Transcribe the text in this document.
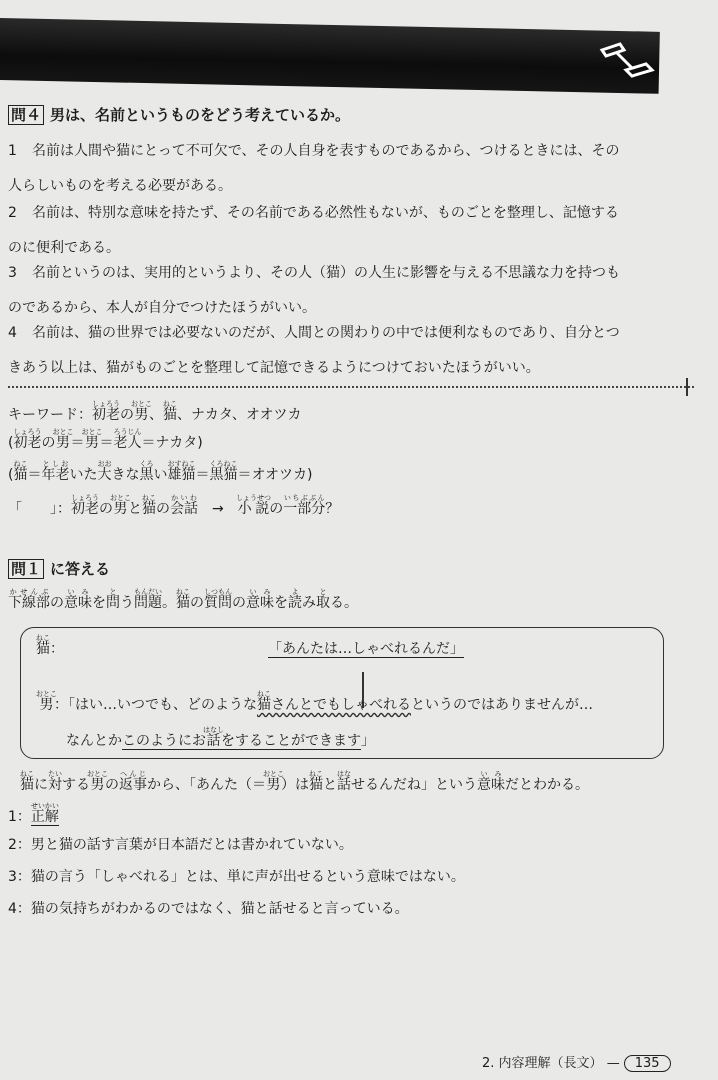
問４ 男は、名前というものをどう考えているか。
1 名前は人間や猫にとって不可欠で、その人自身を表すものであるから、つけるときには、その
人らしいものを考える必要がある。
2 名前は、特別な意味を持たず、その名前である必然性もないが、ものごとを整理し、記憶する
のに便利である。
3 名前というのは、実用的というより、その人（猫）の人生に影響を与える不思議な力を持つも
のであるから、本人が自分でつけたほうがいい。
4 名前は、猫の世界では必要ないのだが、人間との関わりの中では便利なものであり、自分とつ
きあう以上は、猫がものごとを整理して記憶できるようにつけておいたほうがいい。
キーワード：初老しょろうの男おとこ、猫ねこ、ナカタ、オオツカ
(初老しょろうの男おとこ＝男おとこ＝老人ろうじん＝ナカタ)
(猫ねこ＝年老としおいた大おおきな黒くろい雄猫おすねこ＝黒猫くろねこ＝オオツカ)
「　　」：初老しょろうの男おとこと猫ねこの会話かいわ　→　小説しょうせつの一部分いちぶぶん？
問１ に答える
下線部かせんぶの意味いみを問とう問題もんだい。猫ねこの質問しつもんの意味いみを読よみ取とる。
猫ねこ：	「あんたは…しゃべれるんだ」
男おとこ：「はい…いつでも、どのような猫ねこさんとでもしゃべれるというのではありませんが…
なんとかこのようにお話はなしをすることができます」
猫ねこに対たいする男おとこの返事へんじから、「あんた（＝男おとこ）は猫ねこと話はなせるんだね」という意味いみだとわかる。
1：正解せいかい
2：男と猫の話す言葉が日本語だとは書かれていない。
3：猫の言う「しゃべれる」とは、単に声が出せるという意味ではない。
4：猫の気持ちがわかるのではなく、猫と話せると言っている。
2. 内容理解（長文） — 135
